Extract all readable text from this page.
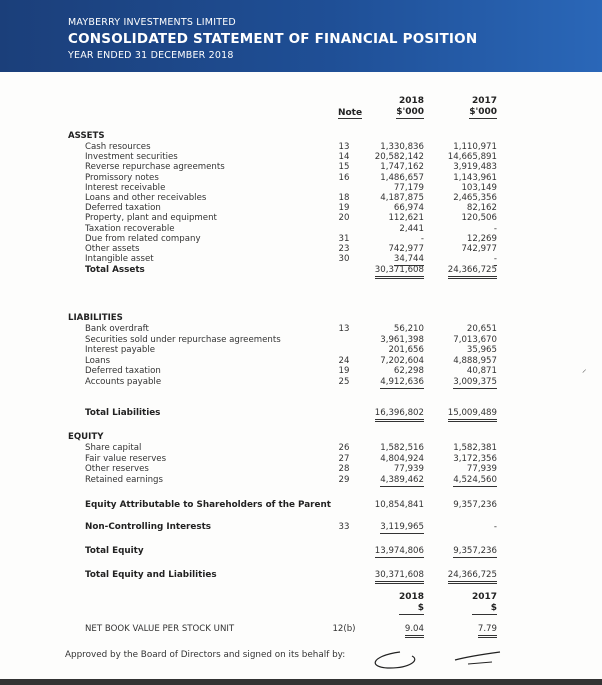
MAYBERRY INVESTMENTS LIMITED
CONSOLIDATED STATEMENT OF FINANCIAL POSITION
YEAR ENDED 31 DECEMBER 2018
Note
2018
$'000
2017
$'000
ASSETS
Cash resources	13	1,330,836	1,110,971
Investment securities	14	20,582,142	14,665,891
Reverse repurchase agreements	15	1,747,162	3,919,483
Promissory notes	16	1,486,657	1,143,961
Interest receivable	77,179	103,149
Loans and other receivables	18	4,187,875	2,465,356
Deferred taxation	19	66,974	82,162
Property, plant and equipment	20	112,621	120,506
Taxation recoverable	2,441	-
Due from related company	31	-	12,269
Other assets	23	742,977	742,977
Intangible asset	30	34,744	-
Total Assets	30,371,608	24,366,725
LIABILITIES
Bank overdraft	13	56,210	20,651
Securities sold under repurchase agreements	3,961,398	7,013,670
Interest payable	201,656	35,965
Loans	24	7,202,604	4,888,957
Deferred taxation	19	62,298	40,871
Accounts payable	25	4,912,636	3,009,375
Total Liabilities	16,396,802	15,009,489
EQUITY
Share capital	26	1,582,516	1,582,381
Fair value reserves	27	4,804,924	3,172,356
Other reserves	28	77,939	77,939
Retained earnings	29	4,389,462	4,524,560
Equity Attributable to Shareholders of the Parent	10,854,841	9,357,236
Non-Controlling Interests	33	3,119,965	-
Total Equity	13,974,806	9,357,236
Total Equity and Liabilities	30,371,608	24,366,725
2018
$
2017
$
NET BOOK VALUE PER STOCK UNIT	12(b)	9.04	7.79
Approved by the Board of Directors and signed on its behalf by:
⸝
